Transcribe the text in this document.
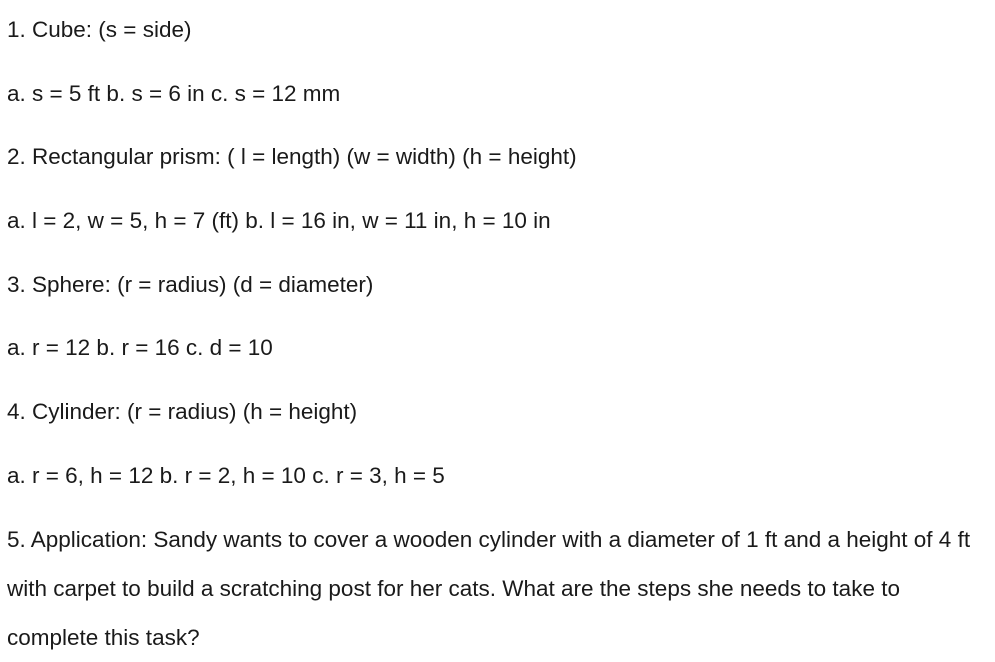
1. Cube: (s = side)
a. s = 5 ft b. s = 6 in c. s = 12 mm
2. Rectangular prism: ( l = length) (w = width) (h = height)
a. l = 2, w = 5, h = 7 (ft) b. l = 16 in, w = 11 in, h = 10 in
3. Sphere: (r = radius) (d = diameter)
a. r = 12 b. r = 16 c. d = 10
4. Cylinder: (r = radius) (h = height)
a. r = 6, h = 12 b. r = 2, h = 10 c. r = 3, h = 5
5. Application: Sandy wants to cover a wooden cylinder with a diameter of 1 ft and a height of 4 ft with carpet to build a scratching post for her cats. What are the steps she needs to take to complete this task?
